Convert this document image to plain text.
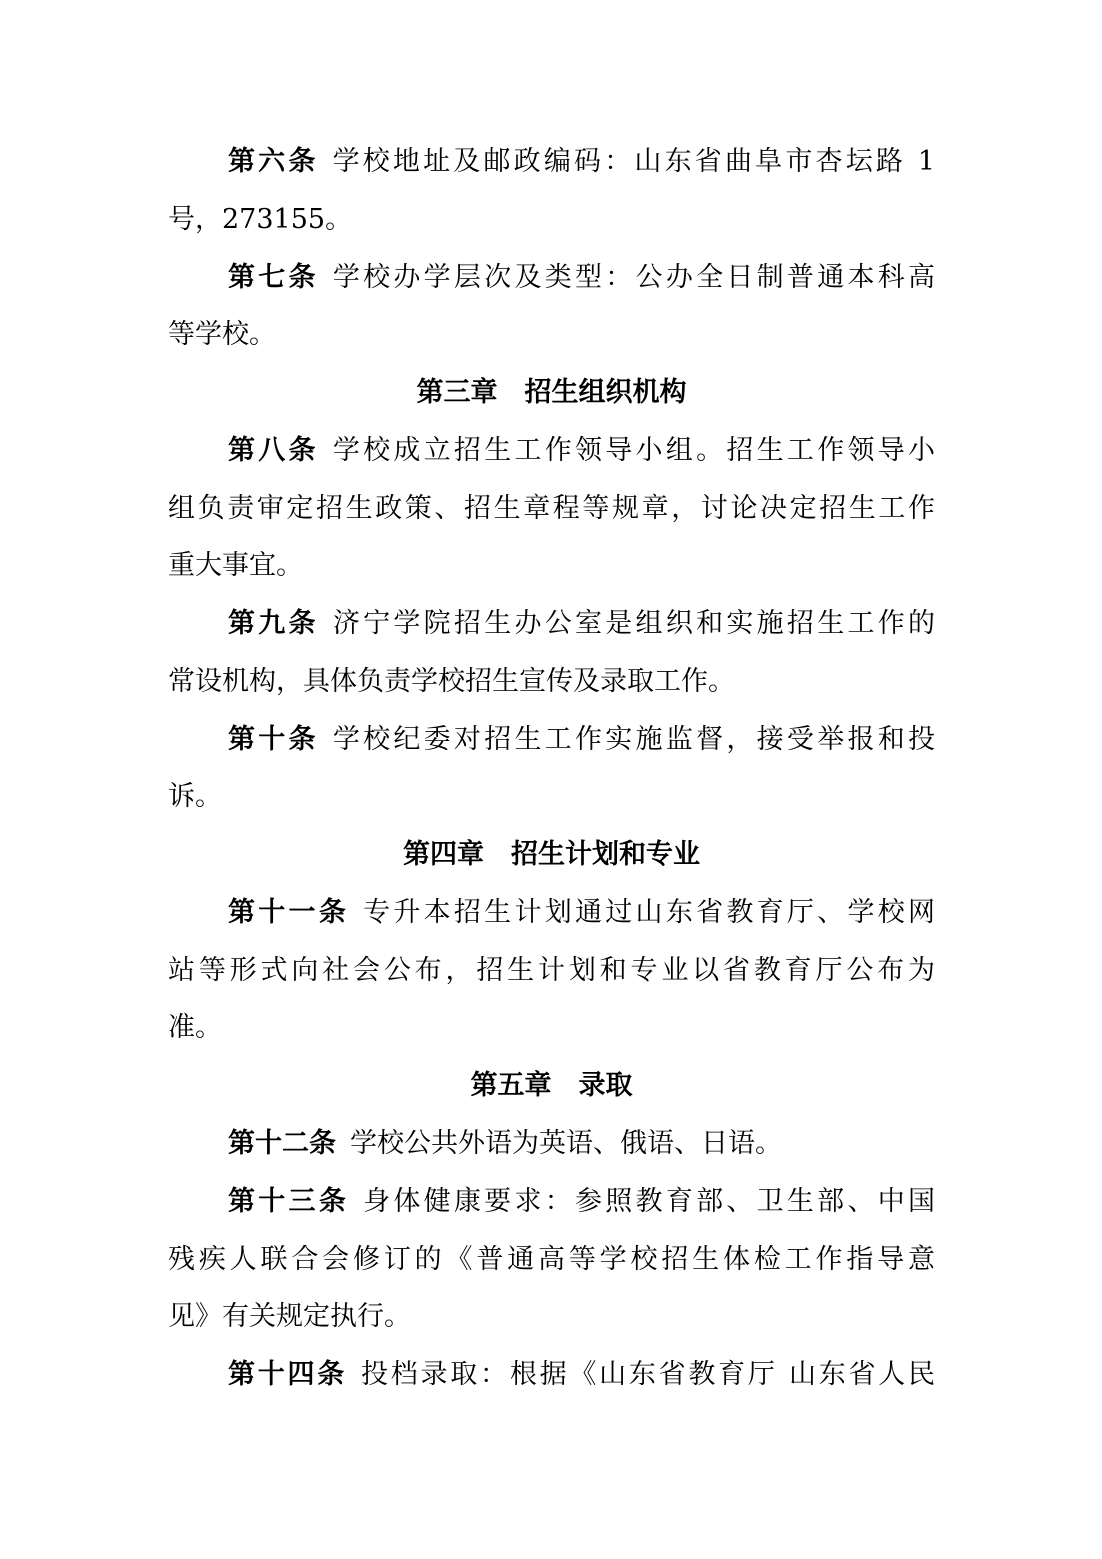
第六条 学校地址及邮政编码：山东省曲阜市杏坛路 1
号，273155。
第七条 学校办学层次及类型：公办全日制普通本科高
等学校。
第三章　招生组织机构
第八条 学校成立招生工作领导小组。招生工作领导小
组负责审定招生政策、招生章程等规章，讨论决定招生工作
重大事宜。
第九条 济宁学院招生办公室是组织和实施招生工作的
常设机构，具体负责学校招生宣传及录取工作。
第十条 学校纪委对招生工作实施监督，接受举报和投
诉。
第四章　招生计划和专业
第十一条 专升本招生计划通过山东省教育厅、学校网
站等形式向社会公布，招生计划和专业以省教育厅公布为
准。
第五章　录取
第十二条 学校公共外语为英语、俄语、日语。
第十三条 身体健康要求：参照教育部、卫生部、中国
残疾人联合会修订的《普通高等学校招生体检工作指导意
见》有关规定执行。
第十四条 投档录取：根据《山东省教育厅 山东省人民
